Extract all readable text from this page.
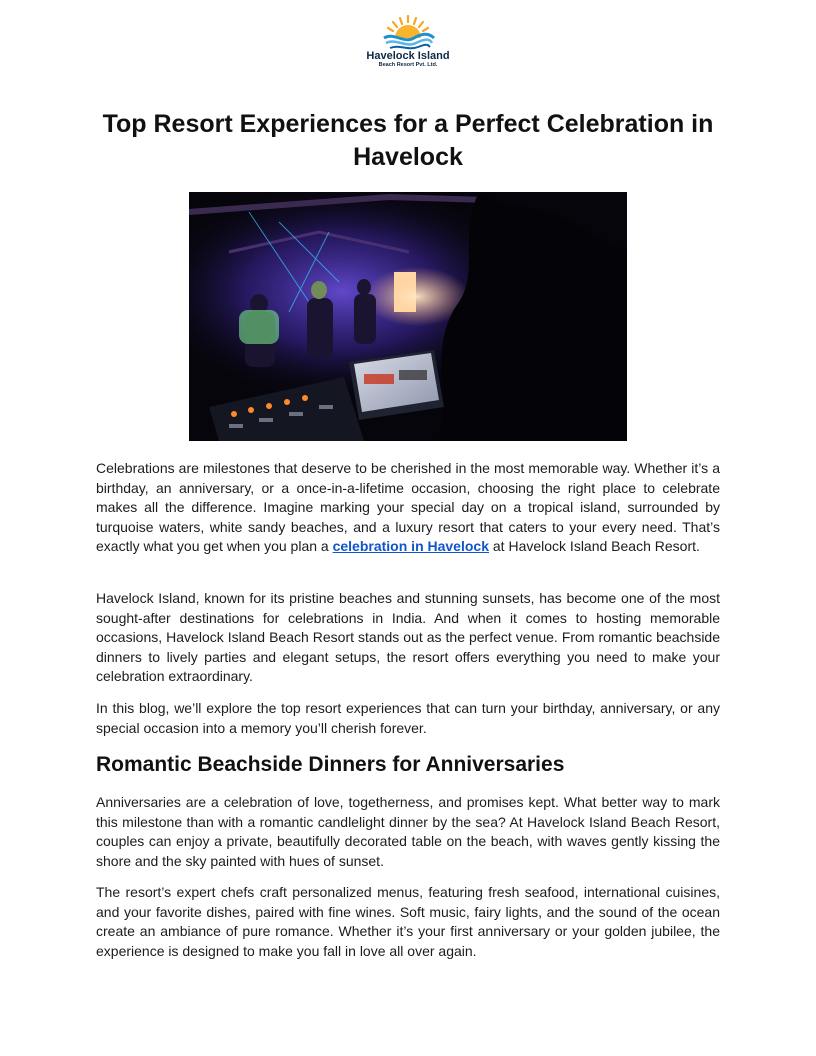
Havelock Island
Beach Resort Pvt. Ltd.
Top Resort Experiences for a Perfect Celebration in Havelock

Celebrations are milestones that deserve to be cherished in the most memorable way. Whether it’s a birthday, an anniversary, or a once-in-a-lifetime occasion, choosing the right place to celebrate makes all the difference. Imagine marking your special day on a tropical island, surrounded by turquoise waters, white sandy beaches, and a luxury resort that caters to your every need. That’s exactly what you get when you plan a celebration in Havelock at Havelock Island Beach Resort.

Havelock Island, known for its pristine beaches and stunning sunsets, has become one of the most sought-after destinations for celebrations in India. And when it comes to hosting memorable occasions, Havelock Island Beach Resort stands out as the perfect venue. From romantic beachside dinners to lively parties and elegant setups, the resort offers everything you need to make your celebration extraordinary.

In this blog, we’ll explore the top resort experiences that can turn your birthday, anniversary, or any special occasion into a memory you’ll cherish forever.

Romantic Beachside Dinners for Anniversaries

Anniversaries are a celebration of love, togetherness, and promises kept. What better way to mark this milestone than with a romantic candlelight dinner by the sea? At Havelock Island Beach Resort, couples can enjoy a private, beautifully decorated table on the beach, with waves gently kissing the shore and the sky painted with hues of sunset.

The resort’s expert chefs craft personalized menus, featuring fresh seafood, international cuisines, and your favorite dishes, paired with fine wines. Soft music, fairy lights, and the sound of the ocean create an ambiance of pure romance. Whether it’s your first anniversary or your golden jubilee, the experience is designed to make you fall in love all over again.
